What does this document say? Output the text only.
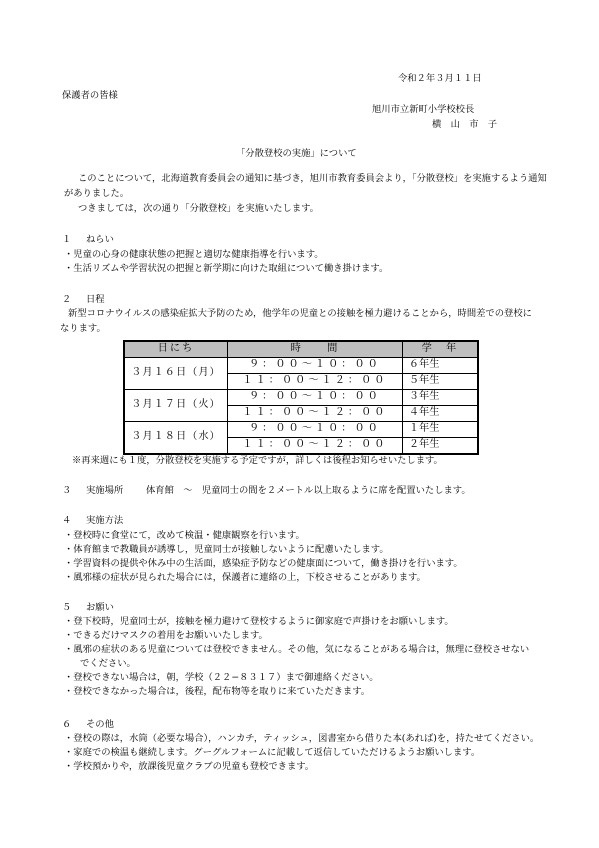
令和２年３月１１日
保護者の皆様
旭川市立新町小学校校長
横　山　市　子
「分散登校の実施」について
このことについて，北海道教育委員会の通知に基づき，旭川市教育委員会より，「分散登校」を実施するよう通知
がありました。
つきましては，次の通り「分散登校」を実施いたします。
１ ねらい
・児童の心身の健康状態の把握と適切な健康指導を行います。
・生活リズムや学習状況の把握と新学期に向けた取組について働き掛けます。
２ 日程
新型コロナウイルスの感染症拡大予防のため，他学年の児童との接触を極力避けることから，時間差での登校に
なります。
日にち	時　　間	学　年
３月１６日（月）	９：００〜１０：００	６年生
	１１：００〜１２：００	５年生
３月１７日（火）	９：００〜１０：００	３年生
	１１：００〜１２：００	４年生
３月１８日（水）	９：００〜１０：００	１年生
	１１：００〜１２：００	２年生
※再来週にも１度，分散登校を実施する予定ですが，詳しくは後程お知らせいたします。
３ 実施場所 体育館　〜　児童同士の間を２メートル以上取るように席を配置いたします。
４ 実施方法
・登校時に食堂にて，改めて検温・健康観察を行います。
・体育館まで教職員が誘導し，児童同士が接触しないように配慮いたします。
・学習資料の提供や休み中の生活面，感染症予防などの健康面について，働き掛けを行います。
・風邪様の症状が見られた場合には，保護者に連絡の上，下校させることがあります。
５ お願い
・登下校時，児童同士が，接触を極力避けて登校するように御家庭で声掛けをお願いします。
・できるだけマスクの着用をお願いいたします。
・風邪の症状のある児童については登校できません。その他，気になることがある場合は，無理に登校させない
でください。
・登校できない場合は，朝，学校（２２−８３１７）まで御連絡ください。
・登校できなかった場合は，後程，配布物等を取りに来ていただきます。
６ その他
・登校の際は，水筒（必要な場合），ハンカチ，ティッシュ，図書室から借りた本(あれば)を，持たせてください。
・家庭での検温も継続します。グーグルフォームに記載して返信していただけるようお願いします。
・学校預かりや，放課後児童クラブの児童も登校できます。
